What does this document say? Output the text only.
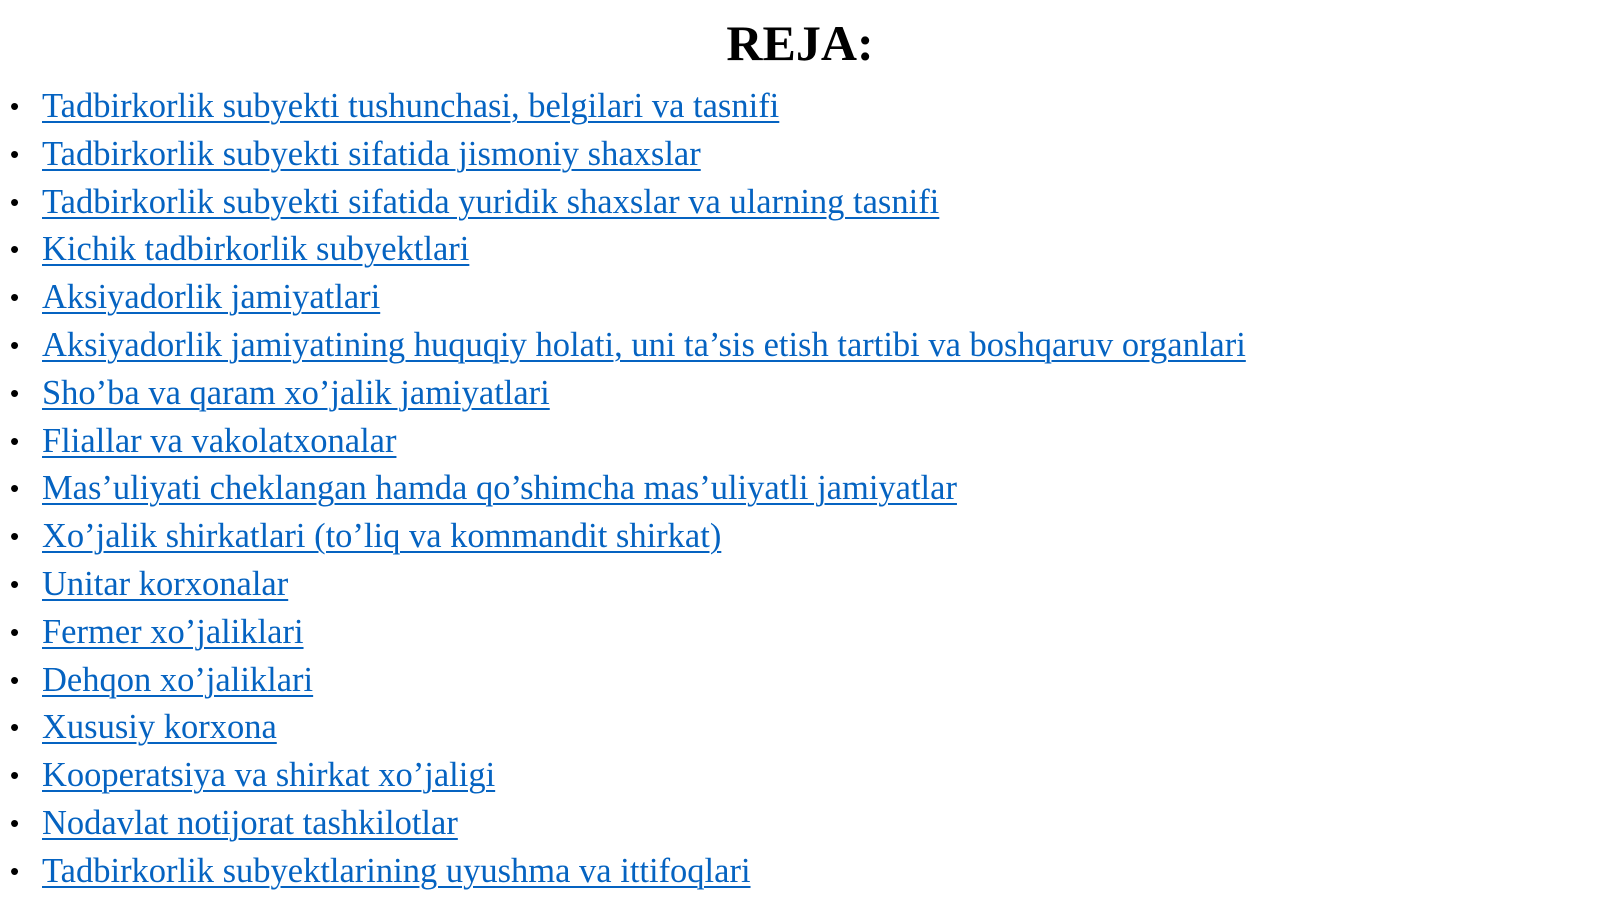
REJA:
• Tadbirkorlik subyekti tushunchasi, belgilari va tasnifi
• Tadbirkorlik subyekti sifatida jismoniy shaxslar
• Tadbirkorlik subyekti sifatida yuridik shaxslar va ularning tasnifi
• Kichik tadbirkorlik subyektlari
• Aksiyadorlik jamiyatlari
• Aksiyadorlik jamiyatining huquqiy holati, uni ta’sis etish tartibi va boshqaruv organlari
• Sho’ba va qaram xo’jalik jamiyatlari
• Fliallar va vakolatxonalar
• Mas’uliyati cheklangan hamda qo’shimcha mas’uliyatli jamiyatlar
• Xo’jalik shirkatlari (to’liq va kommandit shirkat)
• Unitar korxonalar
• Fermer xo’jaliklari
• Dehqon xo’jaliklari
• Xususiy korxona
• Kooperatsiya va shirkat xo’jaligi
• Nodavlat notijorat tashkilotlar
• Tadbirkorlik subyektlarining uyushma va ittifoqlari
